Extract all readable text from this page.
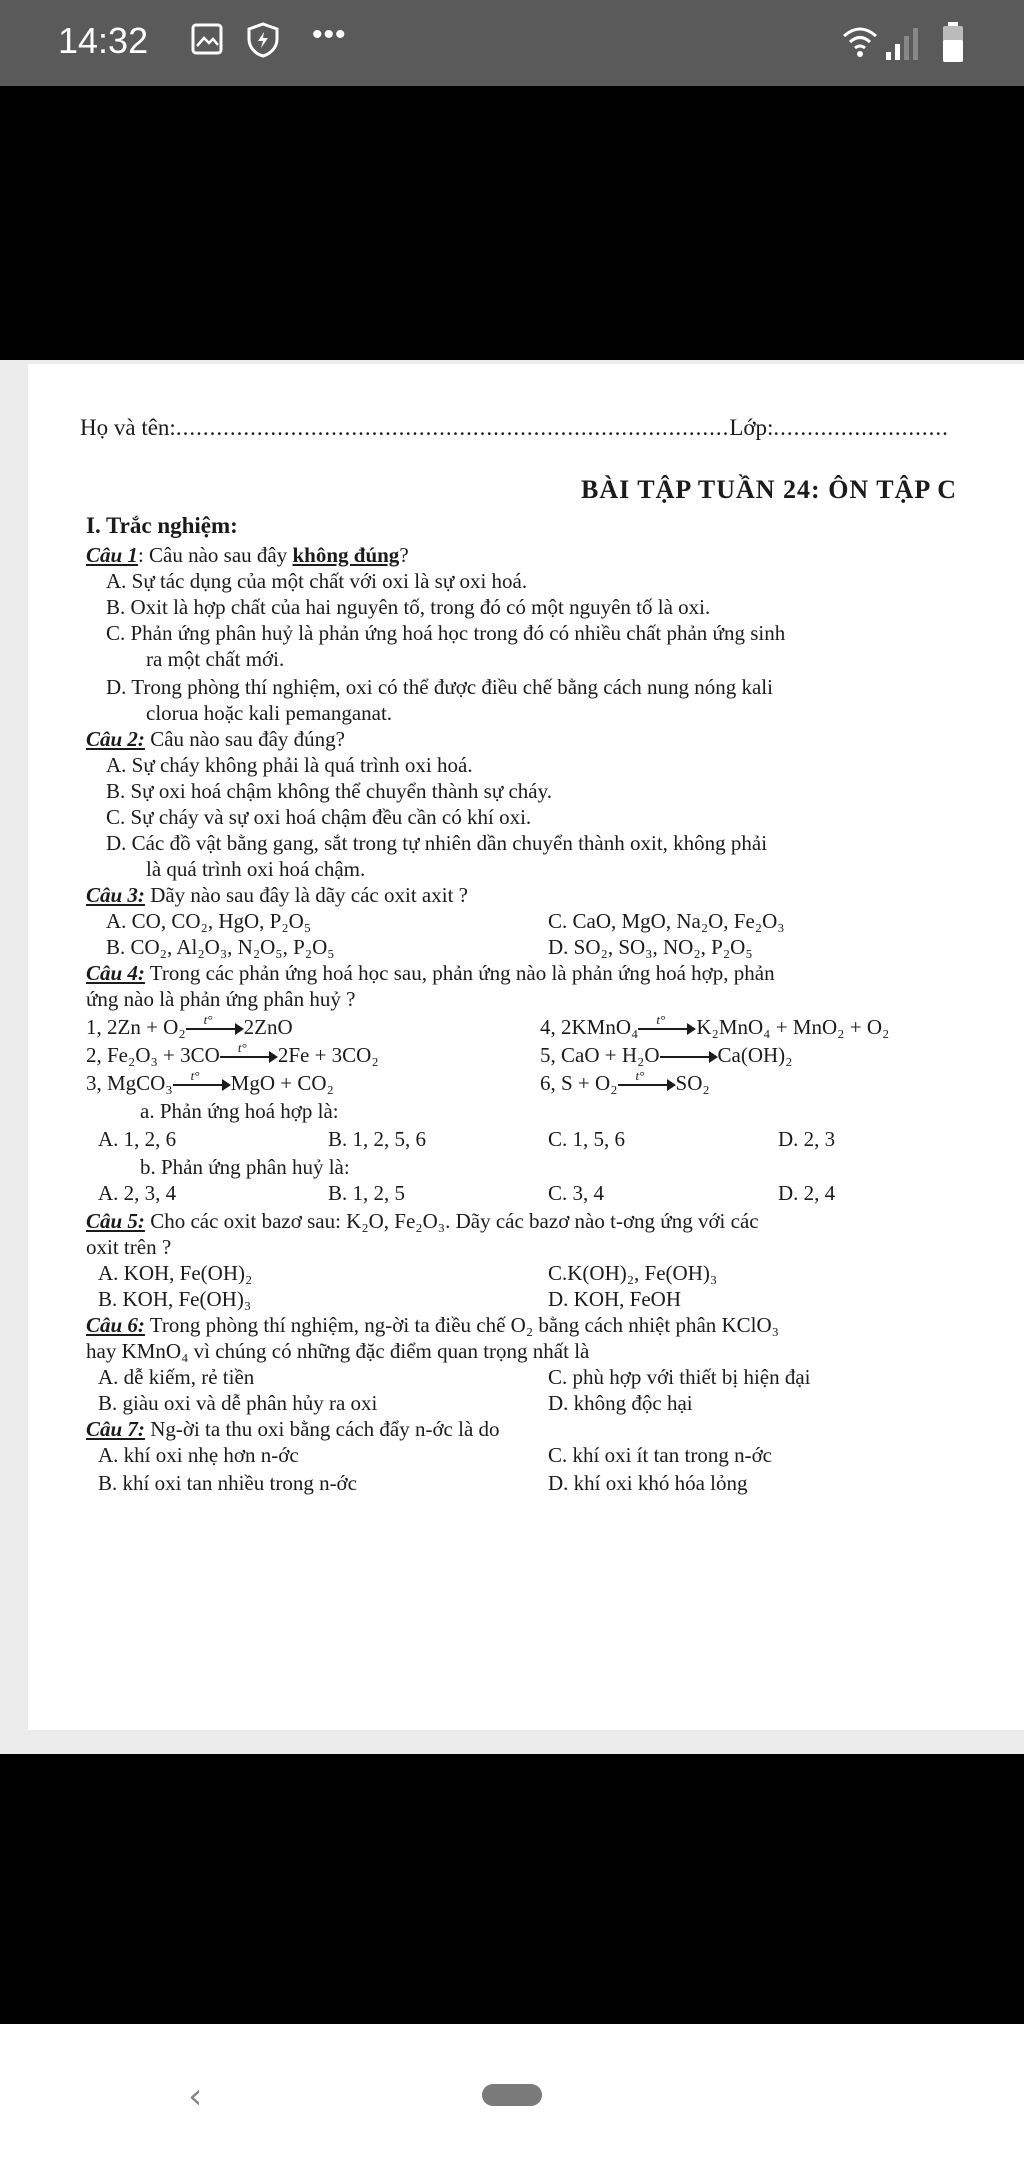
14:32	•••
Họ và tên:..................................................................................Lớp:..........................
BÀI TẬP TUẦN 24: ÔN TẬP C
I. Trắc nghiệm:
Câu 1: Câu nào sau đây không đúng?
A. Sự tác dụng của một chất với oxi là sự oxi hoá.
B. Oxit là hợp chất của hai nguyên tố, trong đó có một nguyên tố là oxi.
C. Phản ứng phân huỷ là phản ứng hoá học trong đó có nhiều chất phản ứng sinh
ra một chất mới.
D. Trong phòng thí nghiệm, oxi có thể được điều chế bằng cách nung nóng kali
clorua hoặc kali pemanganat.
Câu 2: Câu nào sau đây đúng?
A. Sự cháy không phải là quá trình oxi hoá.
B. Sự oxi hoá chậm không thể chuyển thành sự cháy.
C. Sự cháy và sự oxi hoá chậm đều cần có khí oxi.
D. Các đồ vật bằng gang, sắt trong tự nhiên dần chuyển thành oxit, không phải
là quá trình oxi hoá chậm.
Câu 3: Dãy nào sau đây là dãy các oxit axit ?
A. CO, CO₂, HgO, P₂O₅	C. CaO, MgO, Na₂O, Fe₂O₃
B. CO₂, Al₂O₃, N₂O₅, P₂O₅	D. SO₂, SO₃, NO₂, P₂O₅
Câu 4: Trong các phản ứng hoá học sau, phản ứng nào là phản ứng hoá hợp, phản
ứng nào là phản ứng phân huỷ ?
1, 2Zn + O₂ t° 2ZnO	4, 2KMnO₄ t° K₂MnO₄ + MnO₂ + O₂
2, Fe₂O₃ + 3CO t° 2Fe + 3CO₂	5, CaO + H₂O	Ca(OH)₂
3, MgCO₃ t° MgO + CO₂	6, S + O₂ t° SO₂
a. Phản ứng hoá hợp là:
A. 1, 2, 6	B. 1, 2, 5, 6	C. 1, 5, 6	D. 2, 3
b. Phản ứng phân huỷ là:
A. 2, 3, 4	B. 1, 2, 5	C. 3, 4	D. 2, 4
Câu 5: Cho các oxit bazơ sau: K₂O, Fe₂O₃. Dãy các bazơ nào t-ơng ứng với các
oxit trên ?
A. KOH, Fe(OH)₂	C.K(OH)₂, Fe(OH)₃
B. KOH, Fe(OH)₃	D. KOH, FeOH
Câu 6: Trong phòng thí nghiệm, ng-ời ta điều chế O₂ bằng cách nhiệt phân KClO₃
hay KMnO₄ vì chúng có những đặc điểm quan trọng nhất là
A. dễ kiếm, rẻ tiền	C. phù hợp với thiết bị hiện đại
B. giàu oxi và dễ phân hủy ra oxi	D. không độc hại
Câu 7: Ng-ời ta thu oxi bằng cách đẩy n-ớc là do
A. khí oxi nhẹ hơn n-ớc	C. khí oxi ít tan trong n-ớc
B. khí oxi tan nhiều trong n-ớc	D. khí oxi khó hóa lỏng
‹
